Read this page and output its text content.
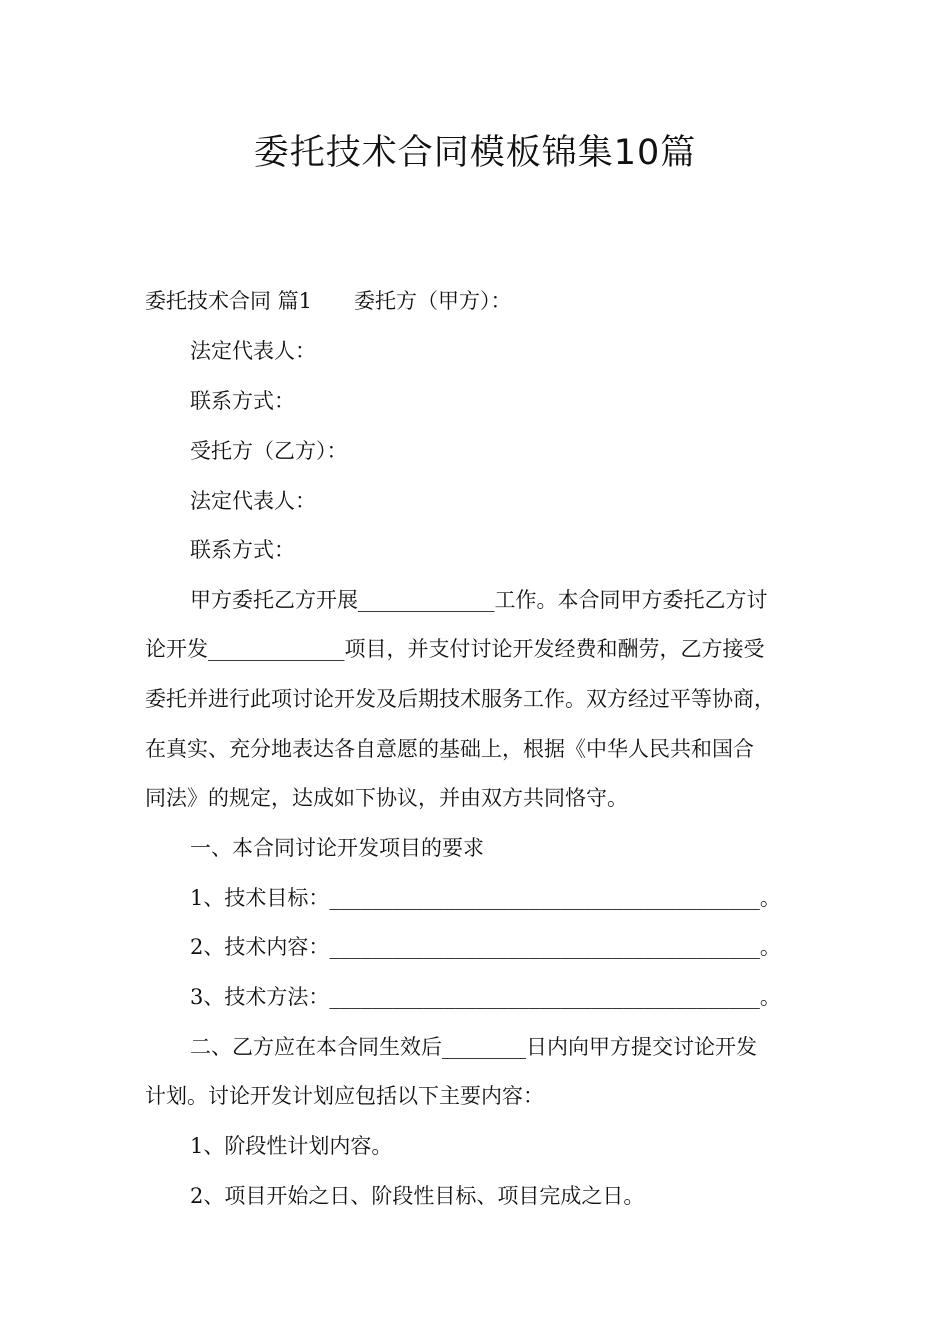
委托技术合同模板锦集10篇
委托技术合同 篇1 委托方（甲方）：
法定代表人：
联系方式：
受托方（乙方）：
法定代表人：
联系方式：
甲方委托乙方开展_____________工作。本合同甲方委托乙方讨
论开发_____________项目，并支付讨论开发经费和酬劳，乙方接受
委托并进行此项讨论开发及后期技术服务工作。双方经过平等协商，
在真实、充分地表达各自意愿的基础上，根据《中华人民共和国合
同法》的规定，达成如下协议，并由双方共同恪守。
一、本合同讨论开发项目的要求
1、技术目标：_________________________________________。
2、技术内容：_________________________________________。
3、技术方法：_________________________________________。
二、乙方应在本合同生效后________日内向甲方提交讨论开发
计划。讨论开发计划应包括以下主要内容：
1、阶段性计划内容。
2、项目开始之日、阶段性目标、项目完成之日。
